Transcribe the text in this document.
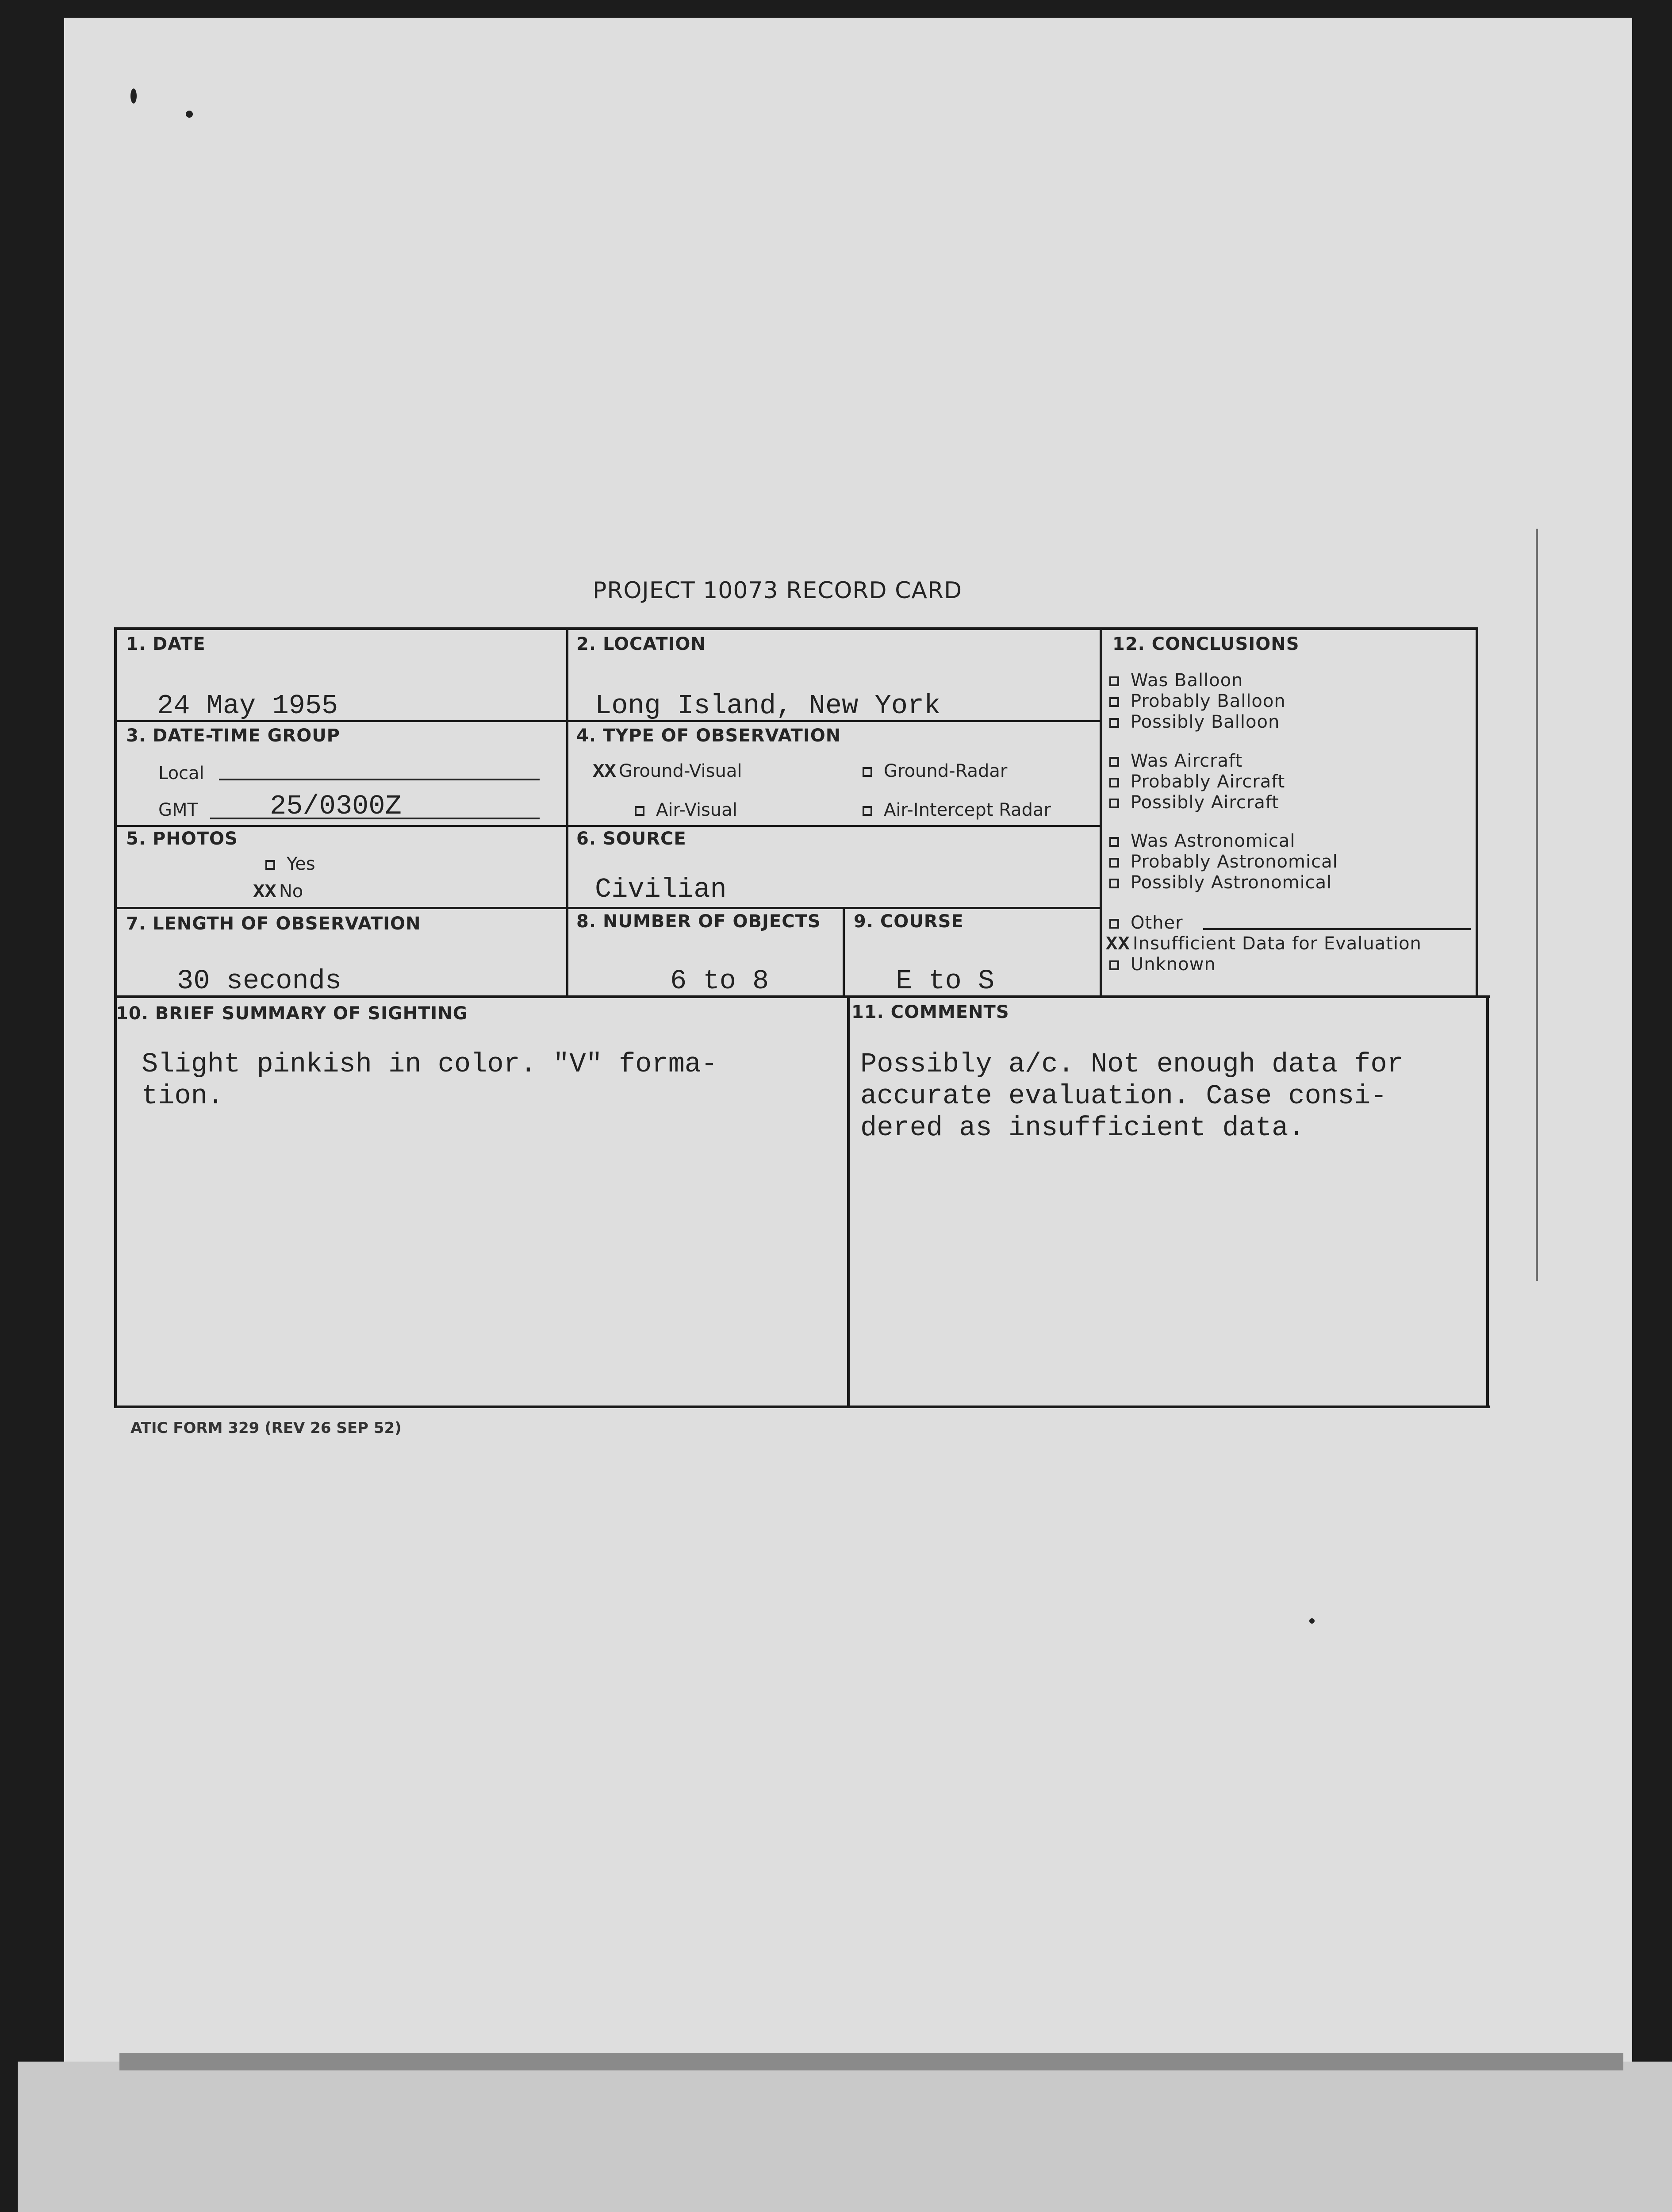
PROJECT 10073 RECORD CARD
1. DATE
24 May 1955
2. LOCATION
Long Island, New York
3. DATE-TIME GROUP
Local
GMT	25/0300Z
4. TYPE OF OBSERVATION
XX Ground-Visual	Ground-Radar
Air-Visual	Air-Intercept Radar
5. PHOTOS
Yes
XX No
6. SOURCE
Civilian
7. LENGTH OF OBSERVATION
30 seconds
8. NUMBER OF OBJECTS
6 to 8
9. COURSE
E to S
12. CONCLUSIONS
Was Balloon
Probably Balloon
Possibly Balloon
Was Aircraft
Probably Aircraft
Possibly Aircraft
Was Astronomical
Probably Astronomical
Possibly Astronomical
Other
XX Insufficient Data for Evaluation
Unknown
10. BRIEF SUMMARY OF SIGHTING
Slight pinkish in color. "V" forma-
tion.
11. COMMENTS
Possibly a/c. Not enough data for
accurate evaluation. Case consi-
dered as insufficient data.
ATIC FORM 329 (REV 26 SEP 52)
